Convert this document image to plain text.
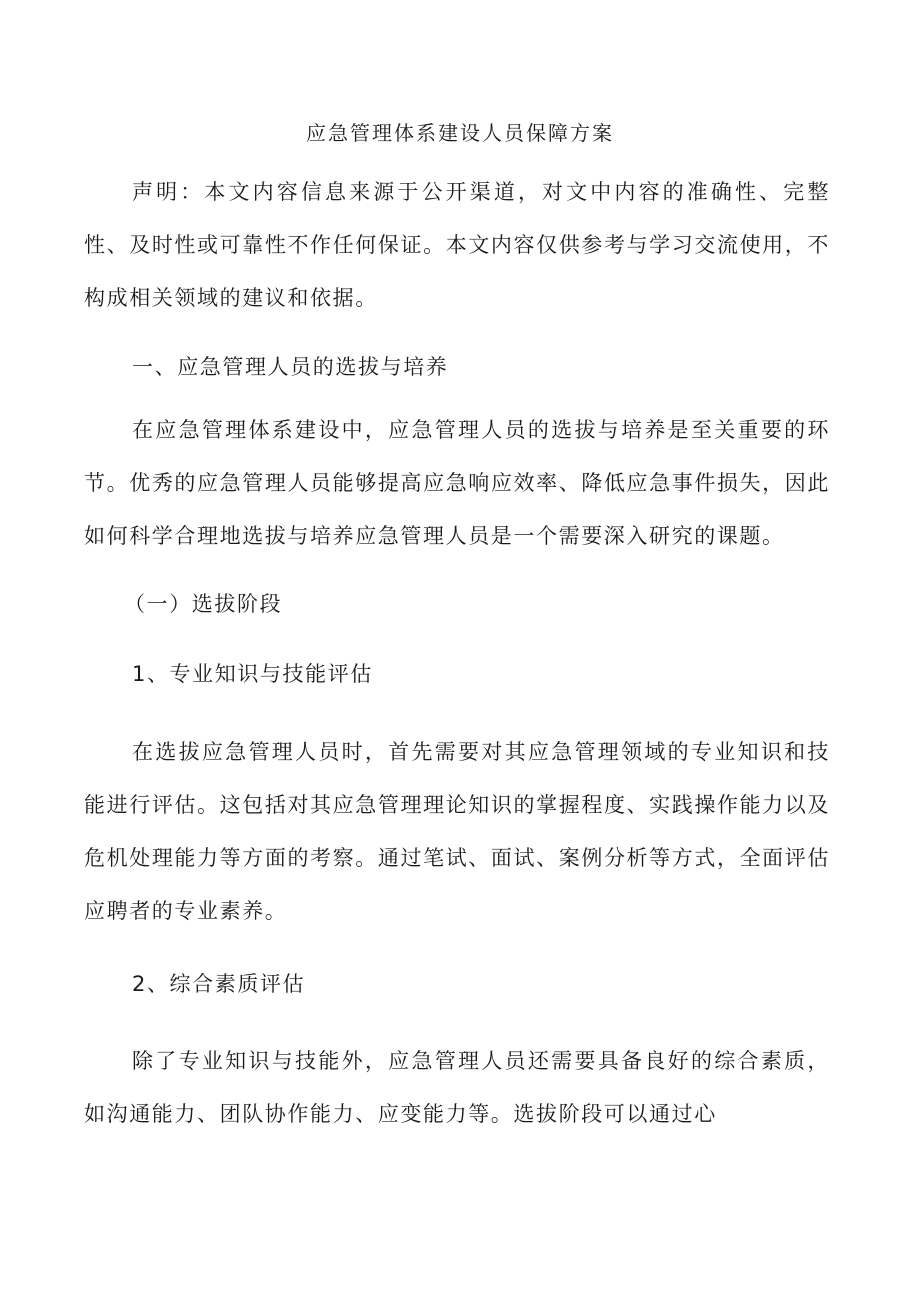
应急管理体系建设人员保障方案

声明：本文内容信息来源于公开渠道，对文中内容的准确性、完整性、及时性或可靠性不作任何保证。本文内容仅供参考与学习交流使用，不构成相关领域的建议和依据。

一、应急管理人员的选拔与培养

在应急管理体系建设中，应急管理人员的选拔与培养是至关重要的环节。优秀的应急管理人员能够提高应急响应效率、降低应急事件损失，因此如何科学合理地选拔与培养应急管理人员是一个需要深入研究的课题。

（一）选拔阶段
1、专业知识与技能评估

在选拔应急管理人员时，首先需要对其应急管理领域的专业知识和技能进行评估。这包括对其应急管理理论知识的掌握程度、实践操作能力以及危机处理能力等方面的考察。通过笔试、面试、案例分析等方式，全面评估应聘者的专业素养。

2、综合素质评估

除了专业知识与技能外，应急管理人员还需要具备良好的综合素质，如沟通能力、团队协作能力、应变能力等。选拔阶段可以通过心
